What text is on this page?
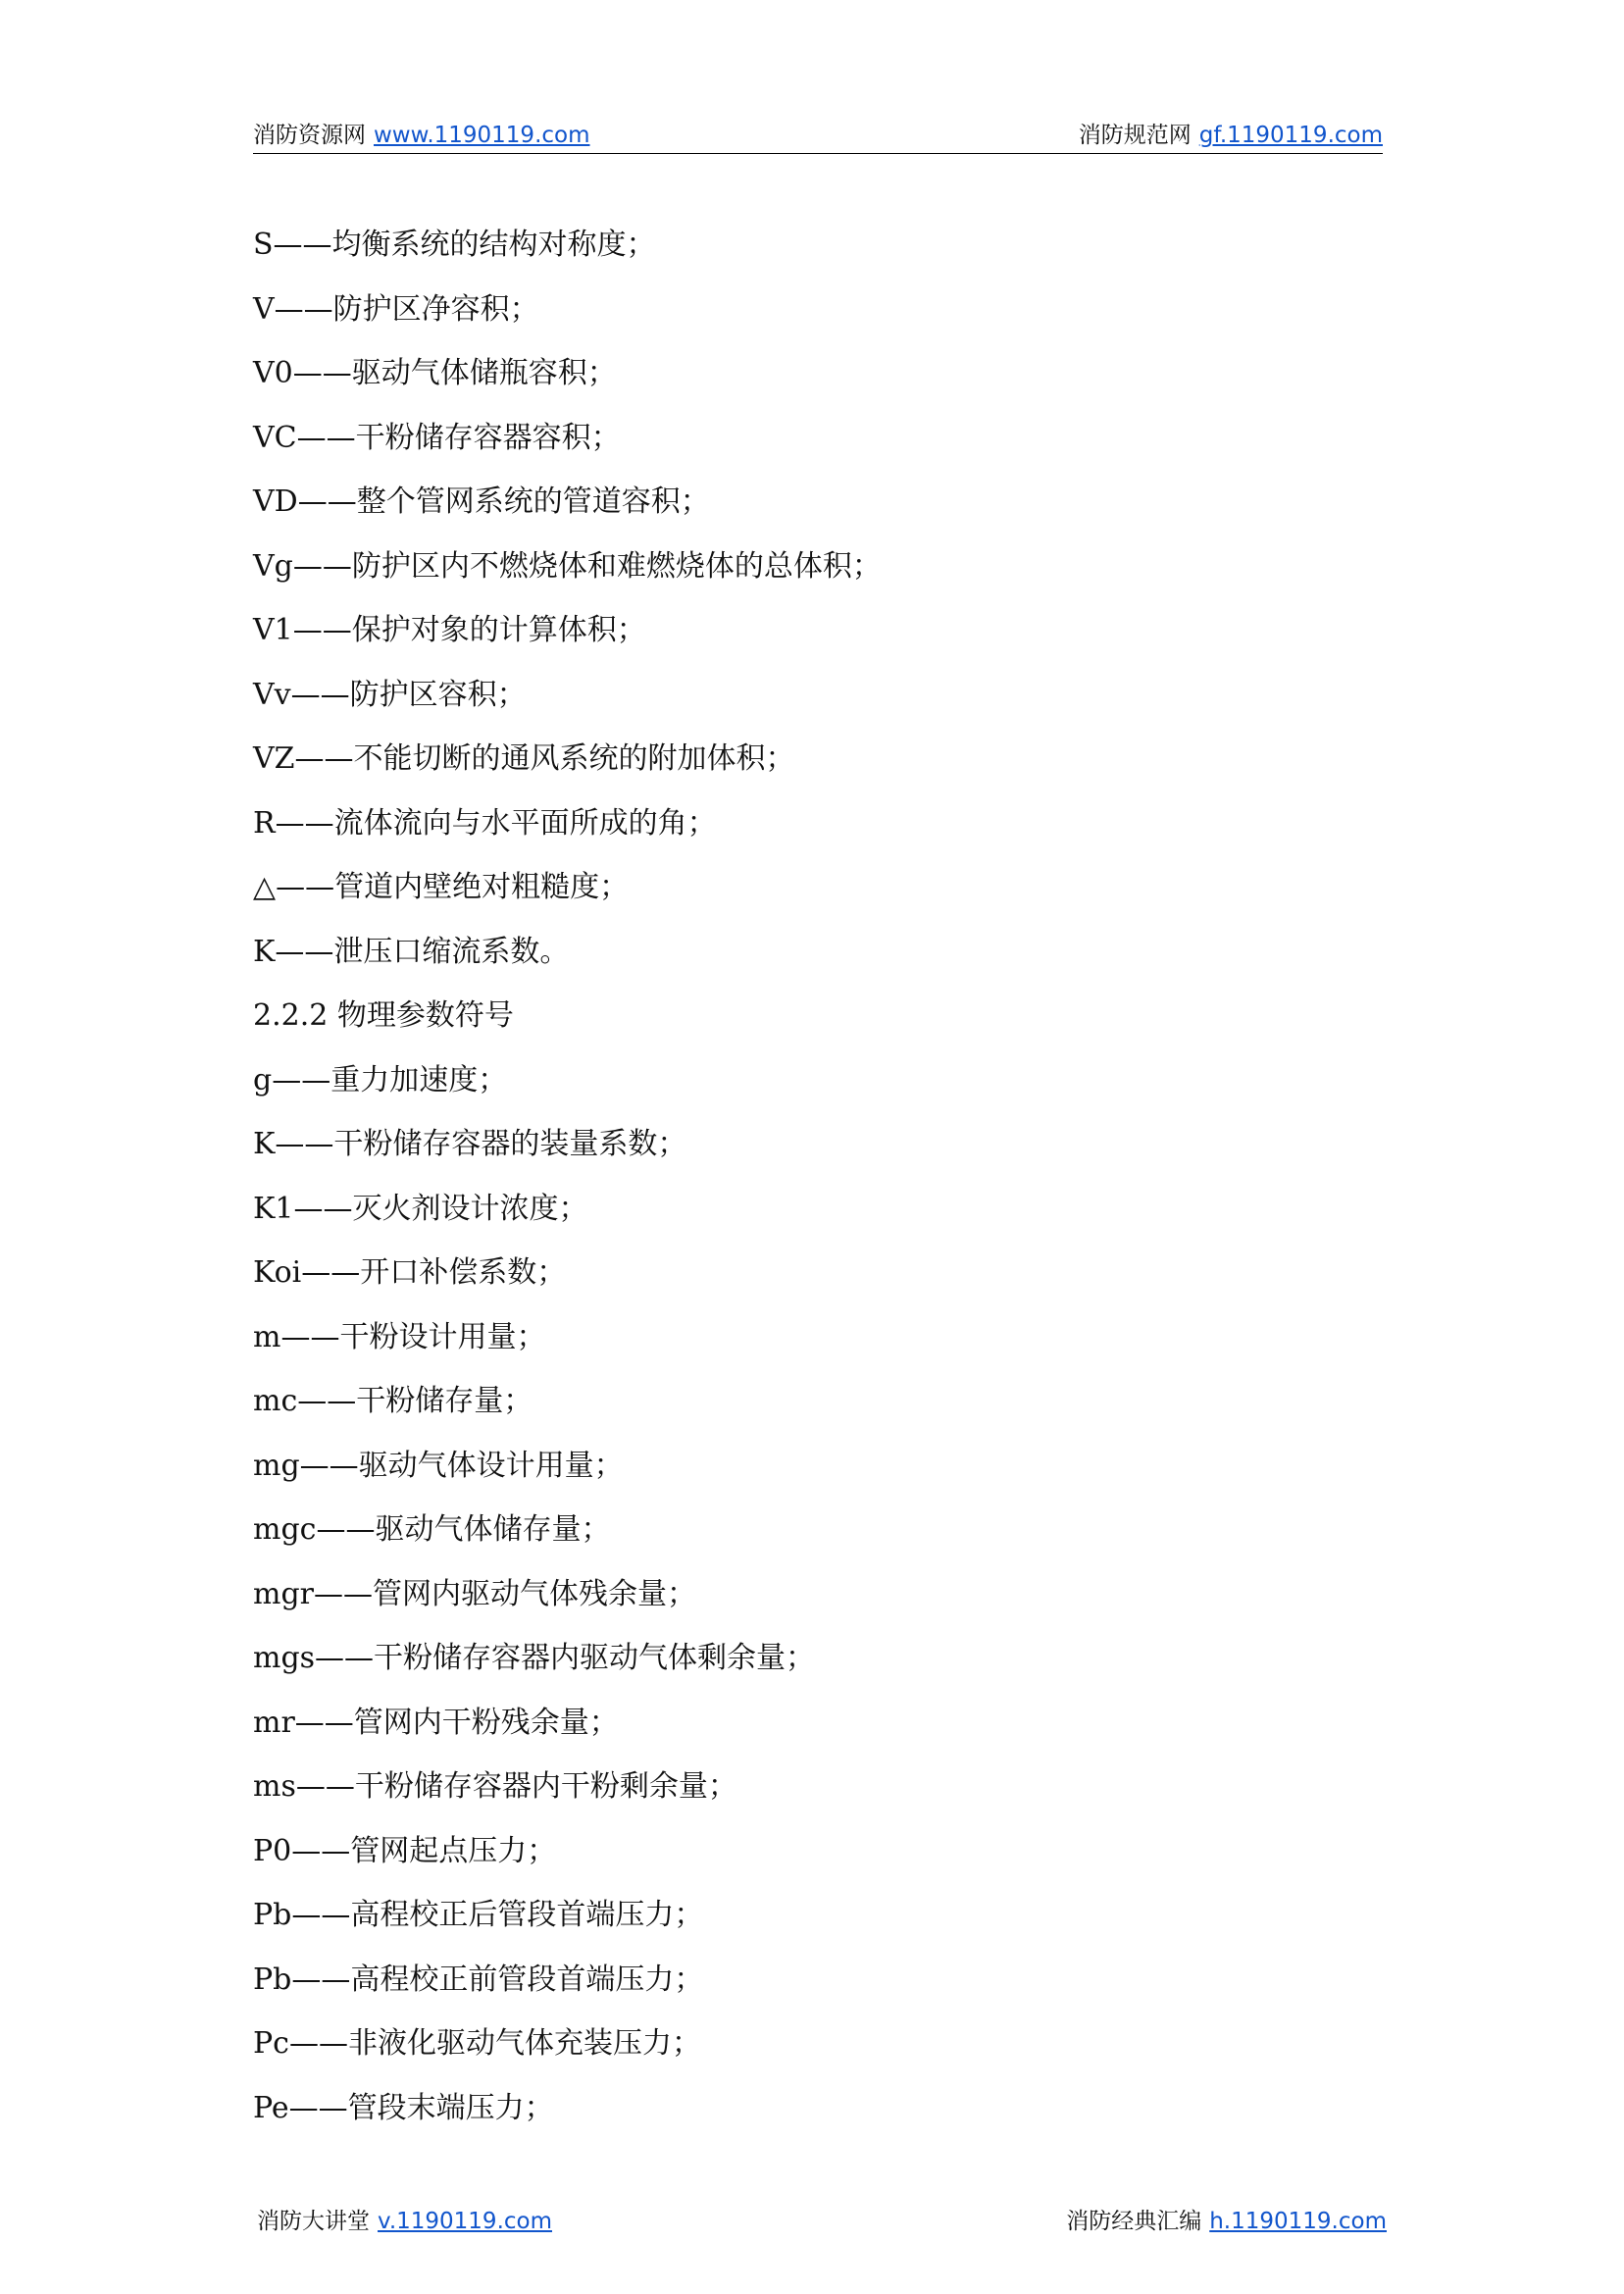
消防资源网 www.1190119.com	消防规范网 gf.1190119.com
S——均衡系统的结构对称度；
V——防护区净容积；
V0——驱动气体储瓶容积；
VC——干粉储存容器容积；
VD——整个管网系统的管道容积；
Vg——防护区内不燃烧体和难燃烧体的总体积；
V1——保护对象的计算体积；
Vv——防护区容积；
VZ——不能切断的通风系统的附加体积；
R——流体流向与水平面所成的角；
△——管道内壁绝对粗糙度；
K——泄压口缩流系数。
2.2.2 物理参数符号
g——重力加速度；
K——干粉储存容器的装量系数；
K1——灭火剂设计浓度；
Koi——开口补偿系数；
m——干粉设计用量；
mc——干粉储存量；
mg——驱动气体设计用量；
mgc——驱动气体储存量；
mgr——管网内驱动气体残余量；
mgs——干粉储存容器内驱动气体剩余量；
mr——管网内干粉残余量；
ms——干粉储存容器内干粉剩余量；
P0——管网起点压力；
Pb——高程校正后管段首端压力；
Pb——高程校正前管段首端压力；
Pc——非液化驱动气体充装压力；
Pe——管段末端压力；
消防大讲堂 v.1190119.com	消防经典汇编 h.1190119.com
